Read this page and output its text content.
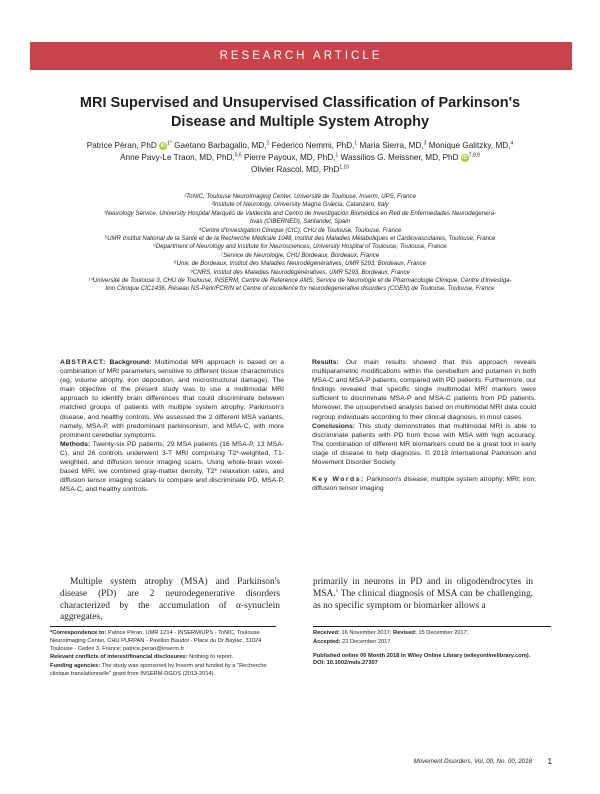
RESEARCH ARTICLE
MRI Supervised and Unsupervised Classification of Parkinson's
Disease and Multiple System Atrophy
Patrice Péran, PhD iD $^{1*}$ Gaetano Barbagallo, MD,$^2$ Federico Nemmi, PhD,$^1$ Maria Sierra, MD,$^3$ Monique Galitzky, MD,$^4$
Anne Pavy-Le Traon, MD, PhD,$^{5,6}$ Pierre Payoux, MD, PhD,$^1$ Wassilios G. Meissner, MD, PhD iD $^{7,8,9}$
Olivier Rascol, MD, PhD$^{1,10}$
¹ToNIC, Toulouse NeuroImaging Center, Université de Toulouse, Inserm, UPS, France
²Institute of Neurology, University Magna Græcia, Catanzaro, Italy
³Neurology Service, University Hospital Marqués de Valdecilla and Centro de Investigación Biomédica en Red de Enfermedades Neurodegenera-
tivas (CIBERNED), Santander, Spain
⁴Centre d'Investigation Clinique (CIC), CHU de Toulouse, Toulouse, France
⁵UMR Institut National de la Santé et de la Recherche Médicale 1048, Institut des Maladies Métaboliques et Cardiovasculaires, Toulouse, France
⁶Department of Neurology and Institute for Neurosciences, University Hospital of Toulouse, Toulouse, France
⁷Service de Neurologie, CHU Bordeaux, Bordeaux, France
⁸Univ. de Bordeaux, Institut des Maladies Neurodégénératives, UMR 5293, Bordeaux, France
⁹CNRS, Institut des Maladies Neurodégénératives, UMR 5293, Bordeaux, France
¹⁰Université de Toulouse 3, CHU de Toulouse, INSERM, Centre de Reference AMS, Service de Neurologie et de Pharmacologie Clinique, Centre d'Investiga-
tion Clinique CIC1436, Réseau NS-Park/FCRIN et Centre of excellence for neurodegenerative disorders (COEN) de Toulouse, Toulouse, France

ABSTRACT: Background: Multimodal MRI approach is based on a combination of MRI parameters sensitive to different tissue characteristics (eg, volume atrophy, iron deposition, and microstructural damage). The main objective of the present study was to use a multimodal MRI approach to identify brain differences that could discriminate between matched groups of patients with multiple system atrophy, Parkinson's disease, and healthy controls. We assessed the 2 different MSA variants, namely, MSA-P, with predominant parkinsonism, and MSA-C, with more prominent cerebellar symptoms.

Methods: Twenty-six PD patients, 29 MSA patients (16 MSA-P, 13 MSA-C), and 26 controls underwent 3-T MRI comprising T2*-weighted, T1-weighted, and diffusion tensor imaging scans. Using whole-brain voxel-based MRI, we combined gray-matter density, T2* relaxation rates, and diffusion tensor imaging scalars to compare and discriminate PD, MSA-P, MSA-C, and healthy controls.

Results: Our main results showed that this approach reveals multiparametric modifications within the cerebellum and putamen in both MSA-C and MSA-P patients, compared with PD patients. Furthermore, our findings revealed that specific single multimodal MRI markers were sufficient to discriminate MSA-P and MSA-C patients from PD patients. Moreover, the unsupervised analysis based on multimodal MRI data could regroup individuals according to their clinical diagnosis, in most cases.

Conclusions: This study demonstrates that multimodal MRI is able to discriminate patients with PD from those with MSA with high accuracy. The combination of different MR biomarkers could be a great tool in early stage of disease to help diagnosis. © 2018 International Parkinson and Movement Disorder Society

Key Words: Parkinson's disease; multiple system atrophy; MRI; iron; diffusion tensor imaging

Multiple system atrophy (MSA) and Parkinson's disease (PD) are 2 neurodegenerative disorders characterized by the accumulation of α-synuclein aggregates,
primarily in neurons in PD and in oligodendrocytes in MSA.$^1$ The clinical diagnosis of MSA can be challenging, as no specific symptom or biomarker allows a

*Correspondence to: Patrice Péran, UMR 1214 - INSERM/UPS - ToNIC, Toulouse NeuroImaging Center, CHU PURPAN - Pavillon Baudot - Place du Dr Baylac, 31024 Toulouse - Cedex 3, France; patrice.peran@inserm.fr

Relevant conflicts of interest/financial disclosures: Nothing to report.

Funding agencies: The study was sponsored by Inserm and funded by a "Recherche clinique translationnelle" grant from INSERM-DGOS (2013-2014).

Received: 16 November 2017; Revised: 15 December 2017;

Accepted: 22 December 2017

Published online 00 Month 2018 in Wiley Online Library (wileyonlinelibrary.com). DOI: 10.1002/mds.27307

Movement Disorders, Vol. 00, No. 00, 2018 1
